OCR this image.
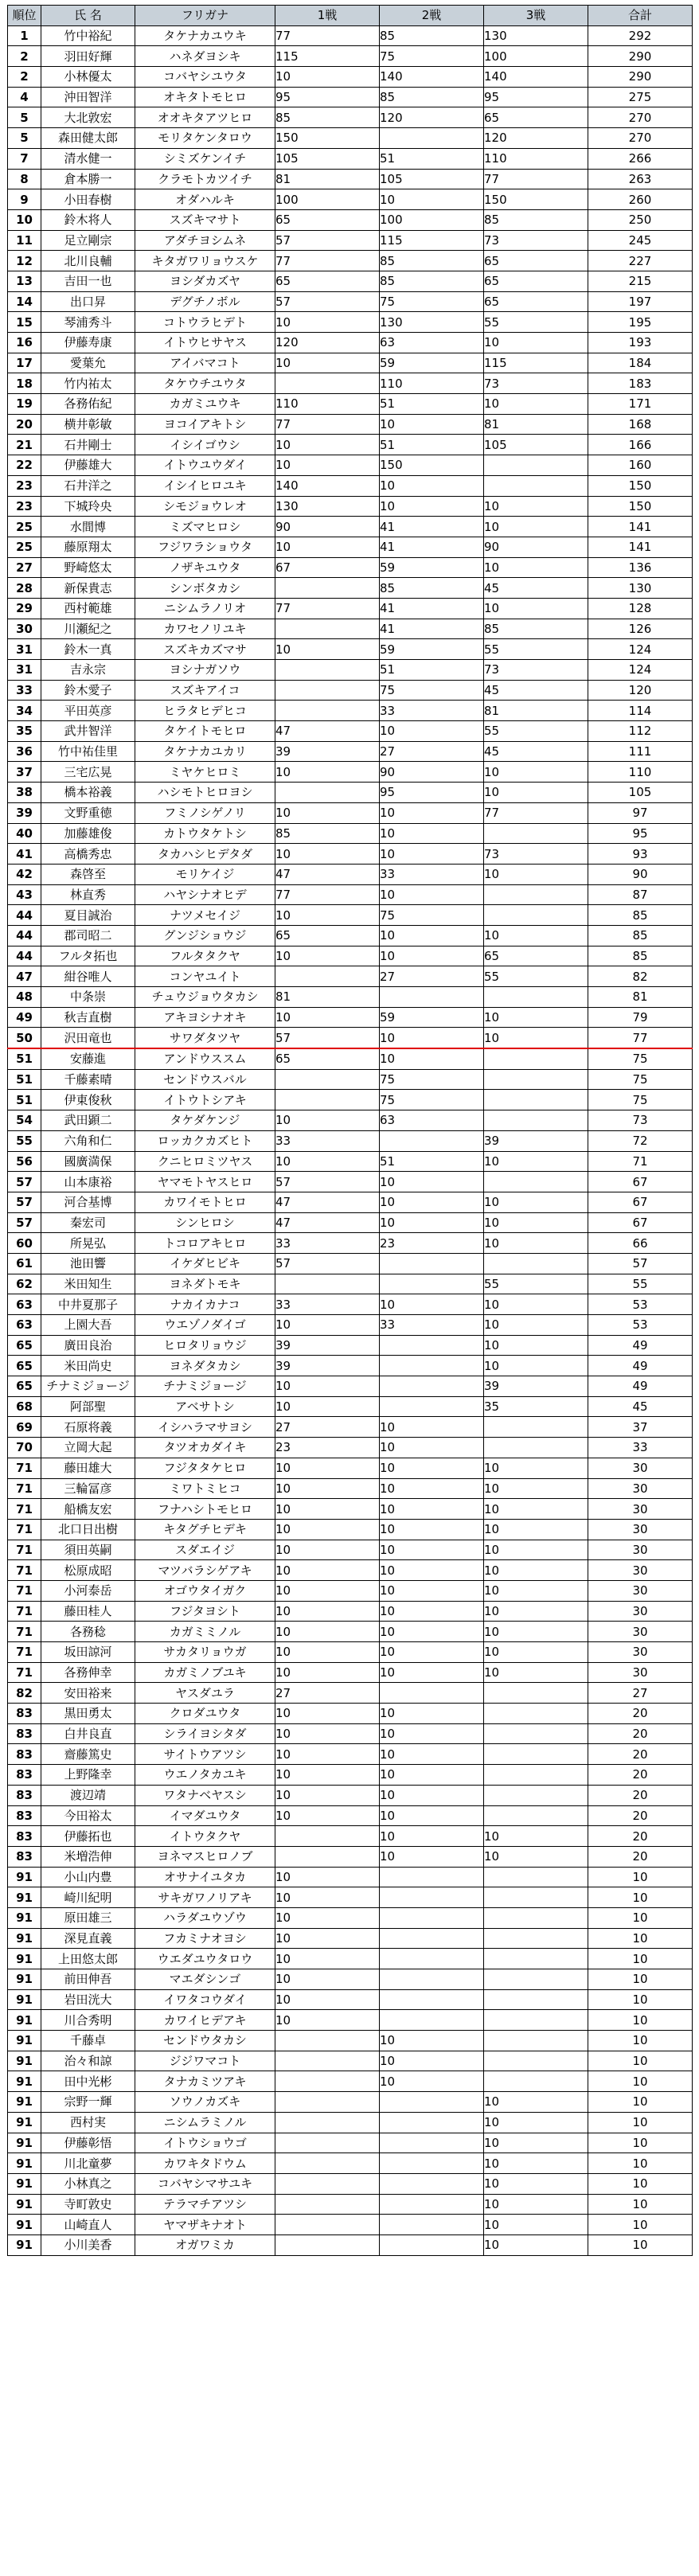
順位	氏 名	フリガナ	1戦	2戦	3戦	合計
1	竹中裕紀	タケナカユウキ	77	85	130	292
2	羽田好輝	ハネダヨシキ	115	75	100	290
2	小林優太	コバヤシユウタ	10	140	140	290
4	沖田智洋	オキタトモヒロ	95	85	95	275
5	大北敦宏	オオキタアツヒロ	85	120	65	270
5	森田健太郎	モリタケンタロウ	150		120	270
7	清水健一	シミズケンイチ	105	51	110	266
8	倉本勝一	クラモトカツイチ	81	105	77	263
9	小田春樹	オダハルキ	100	10	150	260
10	鈴木将人	スズキマサト	65	100	85	250
11	足立剛宗	アダチヨシムネ	57	115	73	245
12	北川良輔	キタガワリョウスケ	77	85	65	227
13	吉田一也	ヨシダカズヤ	65	85	65	215
14	出口昇	デグチノボル	57	75	65	197
15	琴浦秀斗	コトウラヒデト	10	130	55	195
16	伊藤寿康	イトウヒサヤス	120	63	10	193
17	愛葉允	アイバマコト	10	59	115	184
18	竹内祐太	タケウチユウタ		110	73	183
19	各務佑紀	カガミユウキ	110	51	10	171
20	横井彰敏	ヨコイアキトシ	77	10	81	168
21	石井剛士	イシイゴウシ	10	51	105	166
22	伊藤雄大	イトウユウダイ	10	150		160
23	石井洋之	イシイヒロユキ	140	10		150
23	下城玲央	シモジョウレオ	130	10	10	150
25	水間博	ミズマヒロシ	90	41	10	141
25	藤原翔太	フジワラショウタ	10	41	90	141
27	野崎悠太	ノザキユウタ	67	59	10	136
28	新保貴志	シンボタカシ		85	45	130
29	西村範雄	ニシムラノリオ	77	41	10	128
30	川瀬紀之	カワセノリユキ		41	85	126
31	鈴木一真	スズキカズマサ	10	59	55	124
31	吉永宗	ヨシナガソウ		51	73	124
33	鈴木愛子	スズキアイコ		75	45	120
34	平田英彦	ヒラタヒデヒコ		33	81	114
35	武井智洋	タケイトモヒロ	47	10	55	112
36	竹中祐佳里	タケナカユカリ	39	27	45	111
37	三宅広晃	ミヤケヒロミ	10	90	10	110
38	橋本裕義	ハシモトヒロヨシ		95	10	105
39	文野重徳	フミノシゲノリ	10	10	77	97
40	加藤雄俊	カトウタケトシ	85	10		95
41	高橋秀忠	タカハシヒデタダ	10	10	73	93
42	森啓至	モリケイジ	47	33	10	90
43	林直秀	ハヤシナオヒデ	77	10		87
44	夏目誠治	ナツメセイジ	10	75		85
44	郡司昭二	グンジショウジ	65	10	10	85
44	フルタ拓也	フルタタクヤ	10	10	65	85
47	紺谷唯人	コンヤユイト		27	55	82
48	中条崇	チュウジョウタカシ	81			81
49	秋吉直樹	アキヨシナオキ	10	59	10	79
50	沢田竜也	サワダタツヤ	57	10	10	77
51	安藤進	アンドウススム	65	10		75
51	千藤素晴	センドウスバル		75		75
51	伊東俊秋	イトウトシアキ		75		75
54	武田顕二	タケダケンジ	10	63		73
55	六角和仁	ロッカクカズヒト	33		39	72
56	國廣満保	クニヒロミツヤス	10	51	10	71
57	山本康裕	ヤマモトヤスヒロ	57	10		67
57	河合基博	カワイモトヒロ	47	10	10	67
57	秦宏司	シンヒロシ	47	10	10	67
60	所晃弘	トコロアキヒロ	33	23	10	66
61	池田響	イケダヒビキ	57			57
62	米田知生	ヨネダトモキ			55	55
63	中井夏那子	ナカイカナコ	33	10	10	53
63	上園大吾	ウエゾノダイゴ	10	33	10	53
65	廣田良治	ヒロタリョウジ	39		10	49
65	米田尚史	ヨネダタカシ	39		10	49
65	チナミジョージ	チナミジョージ	10		39	49
68	阿部聖	アベサトシ	10		35	45
69	石原将義	イシハラマサヨシ	27	10		37
70	立岡大起	タツオカダイキ	23	10		33
71	藤田雄大	フジタタケヒロ	10	10	10	30
71	三輪冨彦	ミワトミヒコ	10	10	10	30
71	船橋友宏	フナハシトモヒロ	10	10	10	30
71	北口日出樹	キタグチヒデキ	10	10	10	30
71	須田英嗣	スダエイジ	10	10	10	30
71	松原成昭	マツバラシゲアキ	10	10	10	30
71	小河泰岳	オゴウタイガク	10	10	10	30
71	藤田桂人	フジタヨシト	10	10	10	30
71	各務稔	カガミミノル	10	10	10	30
71	坂田諒河	サカタリョウガ	10	10	10	30
71	各務伸幸	カガミノブユキ	10	10	10	30
82	安田裕来	ヤスダユラ	27			27
83	黒田勇太	クロダユウタ	10	10		20
83	白井良直	シライヨシタダ	10	10		20
83	齋藤篤史	サイトウアツシ	10	10		20
83	上野隆幸	ウエノタカユキ	10	10		20
83	渡辺靖	ワタナベヤスシ	10	10		20
83	今田裕太	イマダユウタ	10	10		20
83	伊藤拓也	イトウタクヤ		10	10	20
83	米増浩伸	ヨネマスヒロノブ		10	10	20
91	小山内豊	オサナイユタカ	10			10
91	崎川紀明	サキガワノリアキ	10			10
91	原田雄三	ハラダユウゾウ	10			10
91	深見直義	フカミナオヨシ	10			10
91	上田悠太郎	ウエダユウタロウ	10			10
91	前田伸吾	マエダシンゴ	10			10
91	岩田洸大	イワタコウダイ	10			10
91	川合秀明	カワイヒデアキ	10			10
91	千藤卓	センドウタカシ		10		10
91	治々和諒	ジジワマコト		10		10
91	田中光彬	タナカミツアキ		10		10
91	宗野一輝	ソウノカズキ			10	10
91	西村実	ニシムラミノル			10	10
91	伊藤彰悟	イトウショウゴ			10	10
91	川北童夢	カワキタドウム			10	10
91	小林真之	コバヤシマサユキ			10	10
91	寺町敦史	テラマチアツシ			10	10
91	山崎直人	ヤマザキナオト			10	10
91	小川美香	オガワミカ			10	10
